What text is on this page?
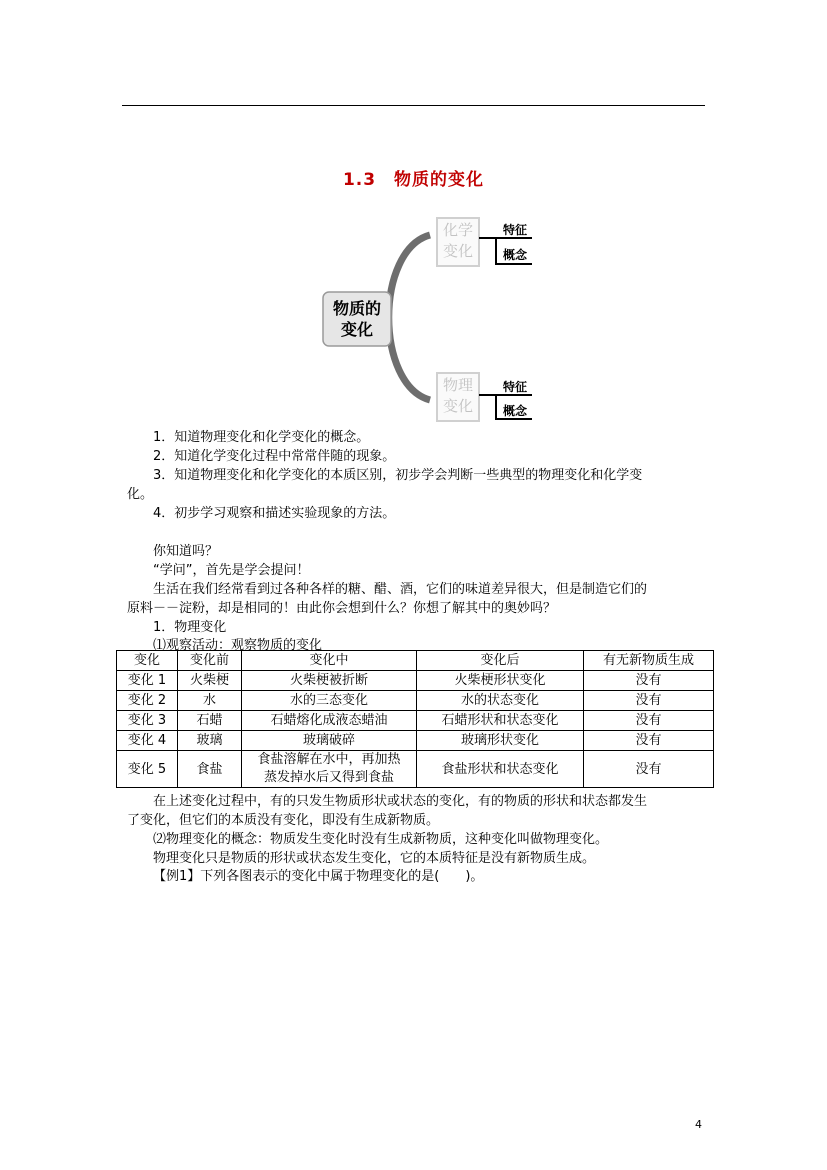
1.3　物质的变化
物质的
变化
化学
变化
物理
变化
特征
概念
特征
概念
1．知道物理变化和化学变化的概念。
2．知道化学变化过程中常常伴随的现象。
3．知道物理变化和化学变化的本质区别，初步学会判断一些典型的物理变化和化学变
化。
4．初步学习观察和描述实验现象的方法。
你知道吗？
“学问”，首先是学会提问！
生活在我们经常看到过各种各样的糖、醋、酒，它们的味道差异很大，但是制造它们的
原料－－淀粉，却是相同的！由此你会想到什么？你想了解其中的奥妙吗？
1．物理变化
⑴观察活动：观察物质的变化
变化	变化前	变化中	变化后	有无新物质生成
变化 1	火柴梗	火柴梗被折断	火柴梗形状变化	没有
变化 2	水	水的三态变化	水的状态变化	没有
变化 3	石蜡	石蜡熔化成液态蜡油	石蜡形状和状态变化	没有
变化 4	玻璃	玻璃破碎	玻璃形状变化	没有
变化 5	食盐	食盐溶解在水中，再加热
蒸发掉水后又得到食盐	食盐形状和状态变化	没有
在上述变化过程中，有的只发生物质形状或状态的变化，有的物质的形状和状态都发生
了变化，但它们的本质没有变化，即没有生成新物质。
⑵物理变化的概念：物质发生变化时没有生成新物质，这种变化叫做物理变化。
物理变化只是物质的形状或状态发生变化，它的本质特征是没有新物质生成。
【例1】下列各图表示的变化中属于物理变化的是(　　)。
4
